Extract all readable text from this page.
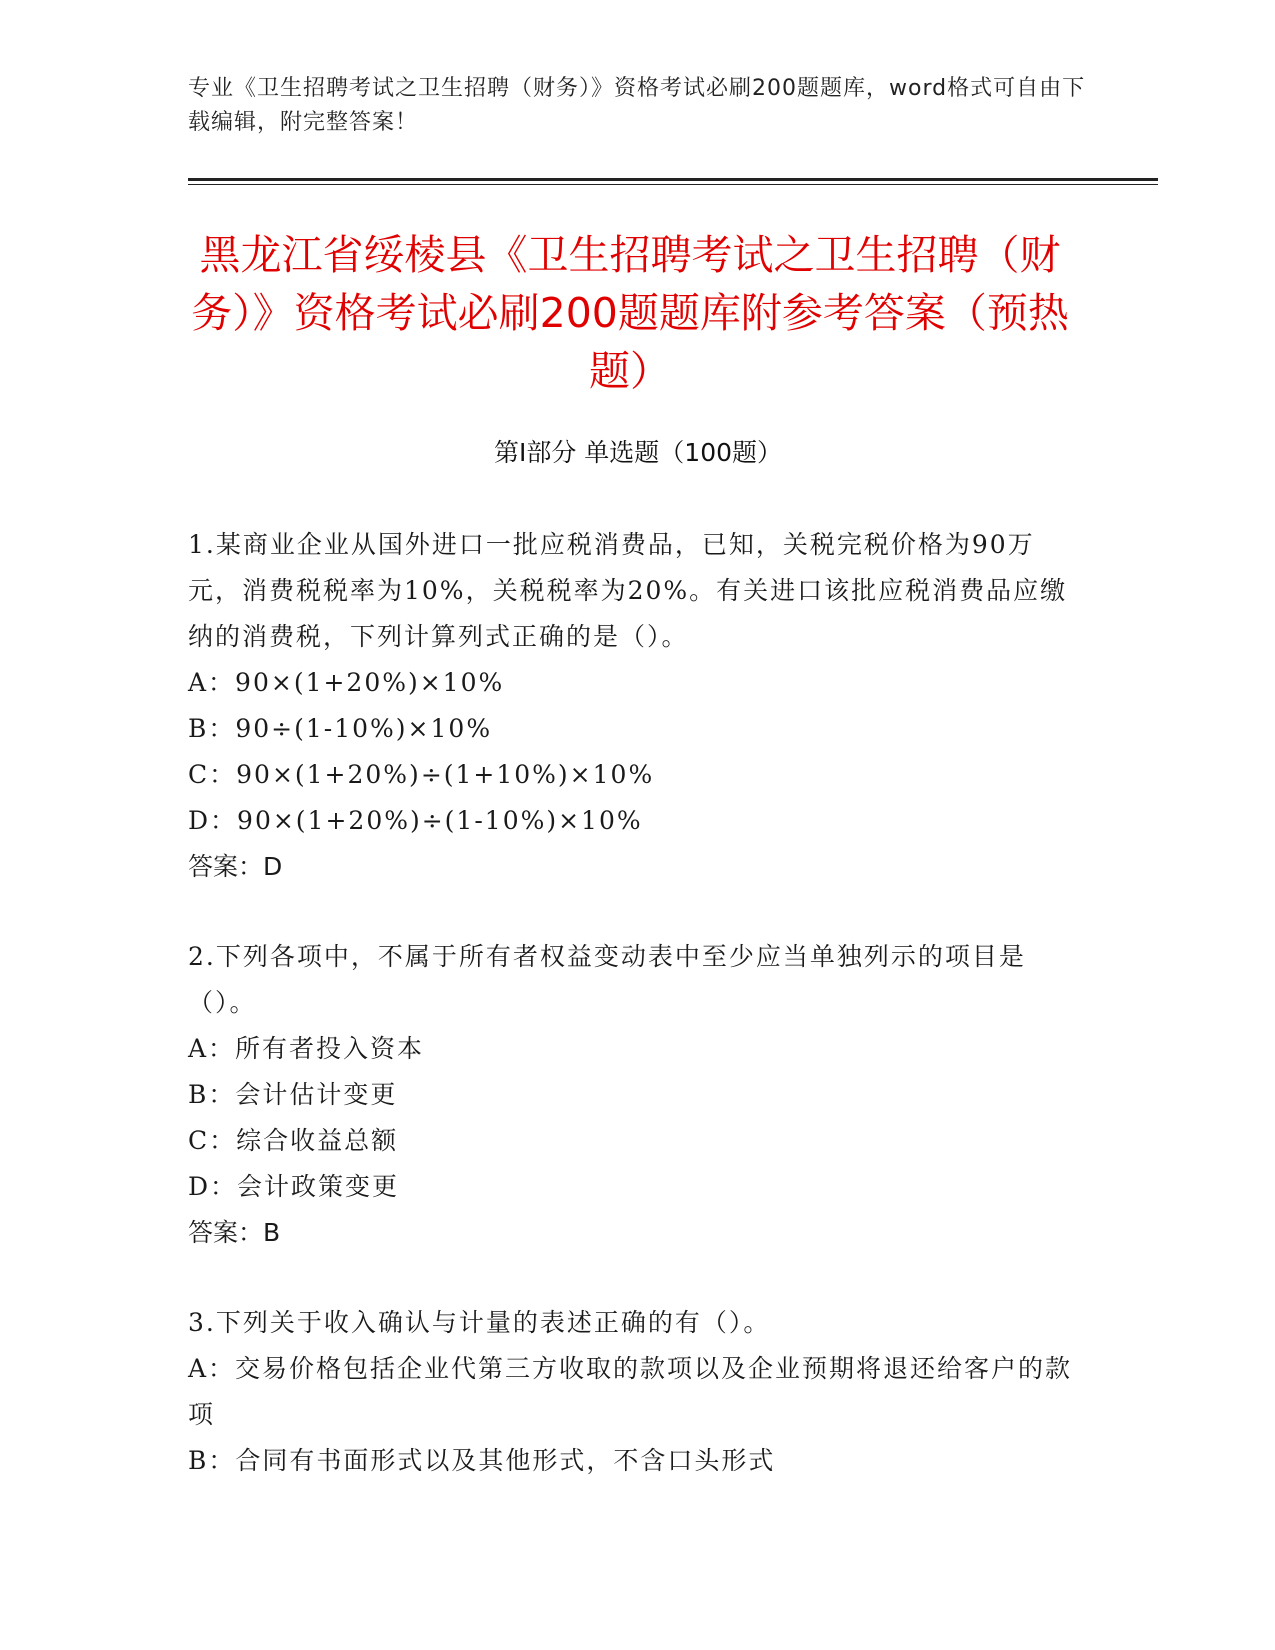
专业《卫生招聘考试之卫生招聘（财务）》资格考试必刷200题题库，word格式可自由下载编辑，附完整答案！
黑龙江省绥棱县《卫生招聘考试之卫生招聘（财务）》资格考试必刷200题题库附参考答案（预热题）
第Ⅰ部分 单选题（100题）

1.某商业企业从国外进口一批应税消费品，已知，关税完税价格为90万元，消费税税率为10%，关税税率为20%。有关进口该批应税消费品应缴纳的消费税，下列计算列式正确的是（）。

A：90×(1+20%)×10%

B：90÷(1-10%)×10%

C：90×(1+20%)÷(1+10%)×10%

D：90×(1+20%)÷(1-10%)×10%

答案：D

2.下列各项中，不属于所有者权益变动表中至少应当单独列示的项目是（）。

A：所有者投入资本

B：会计估计变更

C：综合收益总额

D：会计政策变更

答案：B

3.下列关于收入确认与计量的表述正确的有（）。

A：交易价格包括企业代第三方收取的款项以及企业预期将退还给客户的款项

B：合同有书面形式以及其他形式，不含口头形式
